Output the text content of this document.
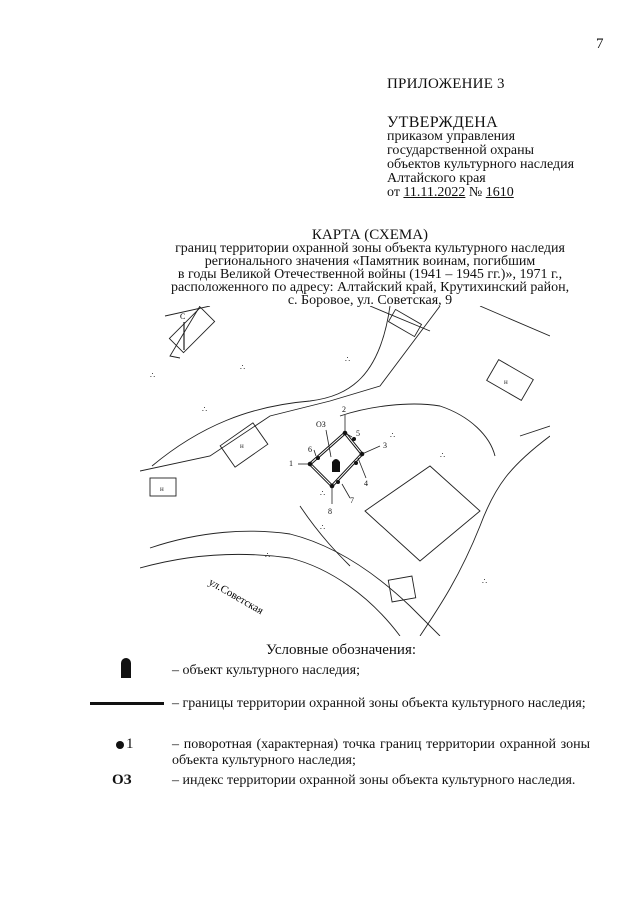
7
ПРИЛОЖЕНИЕ 3
УТВЕРЖДЕНА
приказом управления
государственной охраны
объектов культурного наследия
Алтайского края
от 11.11.2022 № 1610
КАРТА (СХЕМА)
границ территории охранной зоны объекта культурного наследия
регионального значения «Памятник воинам, погибшим
в годы Великой Отечественной войны (1941 – 1945 гг.)», 1971 г.,
расположенного по адресу: Алтайский край, Крутихинский район,
с. Боровое, ул. Советская, 9
∴
∴
∴
∴
∴
∴
∴
∴
∴
∴
н
н
н
С
ул.Советская
1
2
3
4
5
6
7
8
ОЗ
Условные обозначения:
– объект культурного наследия;
– границы территории охранной зоны объекта культурного наследия;
1	– поворотная (характерная) точка границ территории охранной зоны объекта культурного наследия;
ОЗ	– индекс территории охранной зоны объекта культурного наследия.
